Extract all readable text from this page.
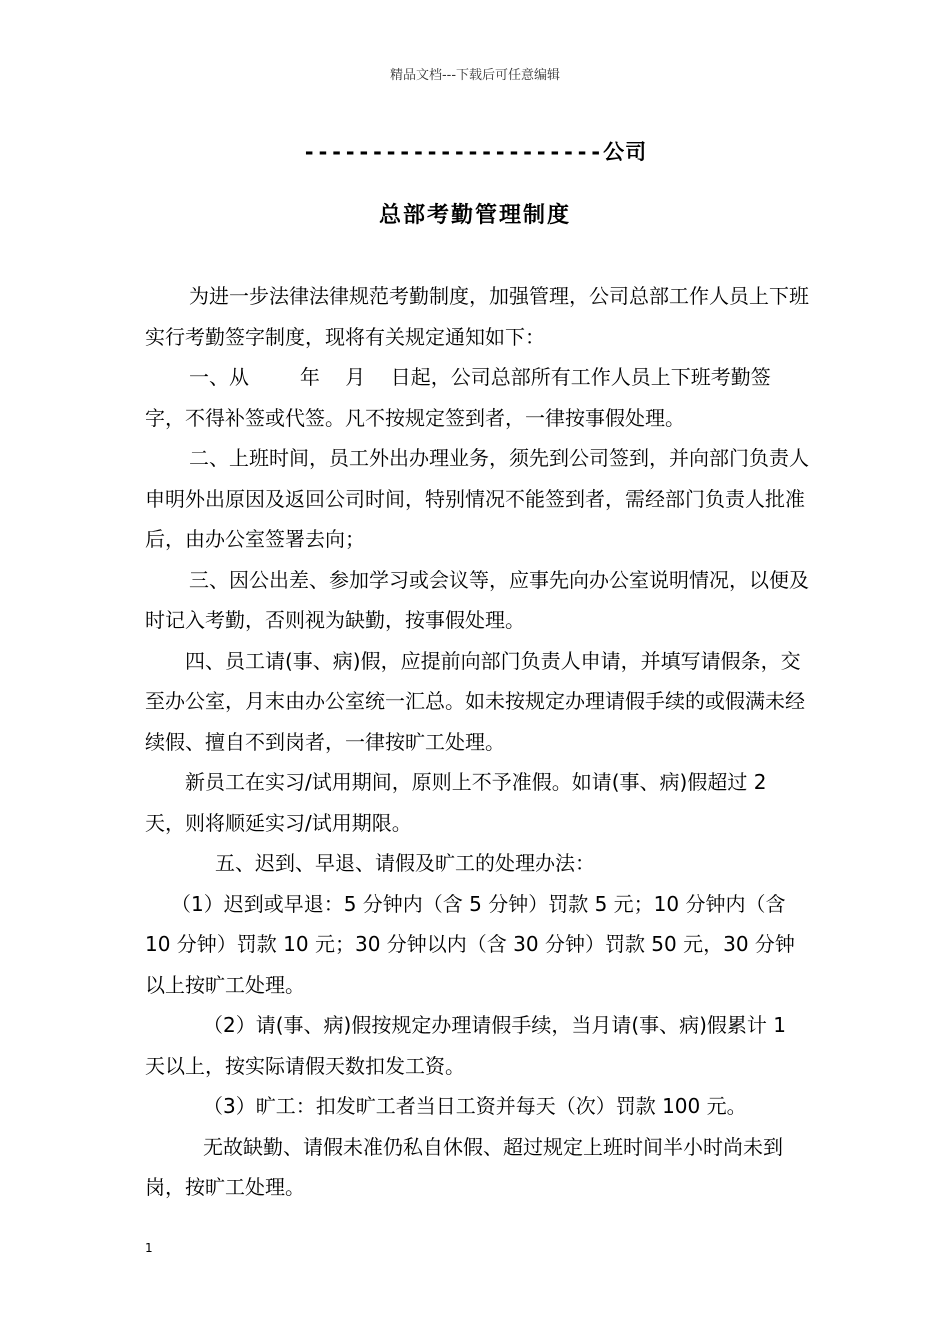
精品文档---下载后可任意编辑
----------------------公司
总部考勤管理制度

为进一步法律法律规范考勤制度，加强管理，公司总部工作人员上下班实行考勤签字制度，现将有关规定通知如下：

一、从        年    月    日起，公司总部所有工作人员上下班考勤签字，不得补签或代签。凡不按规定签到者，一律按事假处理。

二、上班时间，员工外出办理业务，须先到公司签到，并向部门负责人申明外出原因及返回公司时间，特别情况不能签到者，需经部门负责人批准后，由办公室签署去向；

三、因公出差、参加学习或会议等，应事先向办公室说明情况，以便及时记入考勤，否则视为缺勤，按事假处理。

四、员工请(事、病)假，应提前向部门负责人申请，并填写请假条，交至办公室，月末由办公室统一汇总。如未按规定办理请假手续的或假满未经续假、擅自不到岗者，一律按旷工处理。

新员工在实习/试用期间，原则上不予准假。如请(事、病)假超过 2 天，则将顺延实习/试用期限。

五、迟到、早退、请假及旷工的处理办法：

（1）迟到或早退：5 分钟内（含 5 分钟）罚款 5 元；10 分钟内（含 10 分钟）罚款 10 元；30 分钟以内（含 30 分钟）罚款 50 元，30 分钟以上按旷工处理。

（2）请(事、病)假按规定办理请假手续，当月请(事、病)假累计 1 天以上，按实际请假天数扣发工资。

（3）旷工：扣发旷工者当日工资并每天（次）罚款 100 元。

无故缺勤、请假未准仍私自休假、超过规定上班时间半小时尚未到岗，按旷工处理。

1
